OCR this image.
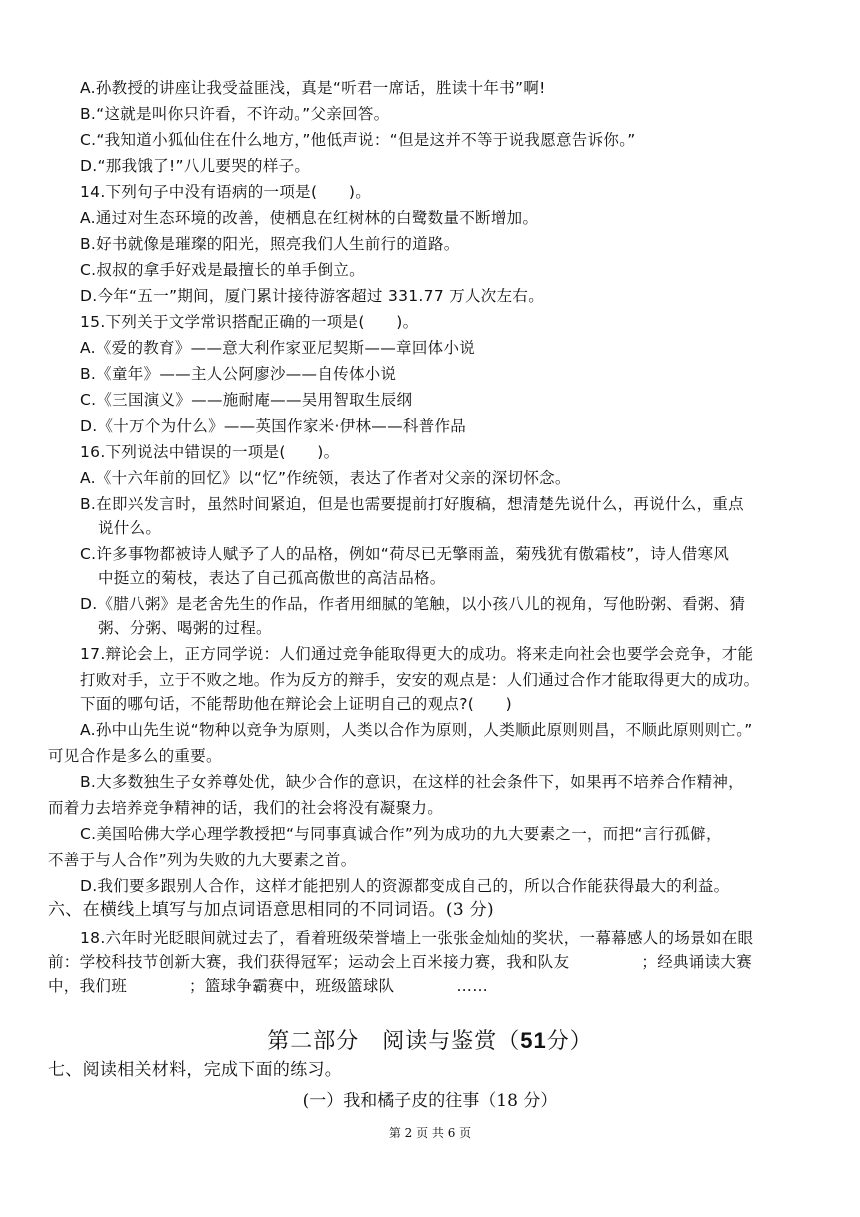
A.孙教授的讲座让我受益匪浅，真是“听君一席话，胜读十年书”啊!
B.“这就是叫你只许看，不许动。”父亲回答。
C.“我知道小狐仙住在什么地方，”他低声说：“但是这并不等于说我愿意告诉你。”
D.“那我饿了!”八儿要哭的样子。
14.下列句子中没有语病的一项是(　　)。
A.通过对生态环境的改善，使栖息在红树林的白鹭数量不断增加。
B.好书就像是璀璨的阳光，照亮我们人生前行的道路。
C.叔叔的拿手好戏是最擅长的单手倒立。
D.今年“五一”期间，厦门累计接待游客超过 331.77 万人次左右。
15.下列关于文学常识搭配正确的一项是(　　)。
A.《爱的教育》——意大利作家亚尼契斯——章回体小说
B.《童年》——主人公阿廖沙——自传体小说
C.《三国演义》——施耐庵——吴用智取生辰纲
D.《十万个为什么》——英国作家米·伊林——科普作品
16.下列说法中错误的一项是(　　)。
A.《十六年前的回忆》以“忆”作统领，表达了作者对父亲的深切怀念。
B.在即兴发言时，虽然时间紧迫，但是也需要提前打好腹稿，想清楚先说什么，再说什么，重点
说什么。
C.许多事物都被诗人赋予了人的品格，例如“荷尽已无擎雨盖，菊残犹有傲霜枝”，诗人借寒风
中挺立的菊枝，表达了自己孤高傲世的高洁品格。
D.《腊八粥》是老舍先生的作品，作者用细腻的笔触，以小孩八儿的视角，写他盼粥、看粥、猜
粥、分粥、喝粥的过程。
17.辩论会上，正方同学说：人们通过竞争能取得更大的成功。将来走向社会也要学会竞争，才能
打败对手，立于不败之地。作为反方的辩手，安安的观点是：人们通过合作才能取得更大的成功。
下面的哪句话，不能帮助他在辩论会上证明自己的观点?(　　)
A.孙中山先生说“物种以竞争为原则，人类以合作为原则，人类顺此原则则昌，不顺此原则则亡。”
可见合作是多么的重要。
B.大多数独生子女养尊处优，缺少合作的意识，在这样的社会条件下，如果再不培养合作精神，
而着力去培养竞争精神的话，我们的社会将没有凝聚力。
C.美国哈佛大学心理学教授把“与同事真诚合作”列为成功的九大要素之一，而把“言行孤僻，
不善于与人合作”列为失败的九大要素之首。
D.我们要多跟别人合作，这样才能把别人的资源都变成自己的，所以合作能获得最大的利益。
六、在横线上填写与加点词语意思相同的不同词语。(3 分)
18.六年时光眨眼间就过去了，看着班级荣誉墙上一张张金灿灿的奖状，一幕幕感人的场景如在眼
前：学校科技节创新大赛，我们获得冠军；运动会上百米接力赛，我和队友	；经典诵读大赛
中，我们班	；篮球争霸赛中，班级篮球队	……
第二部分　阅读与鉴赏（51分）
七、阅读相关材料，完成下面的练习。
(一）我和橘子皮的往事（18 分）
第 2 页 共 6 页
